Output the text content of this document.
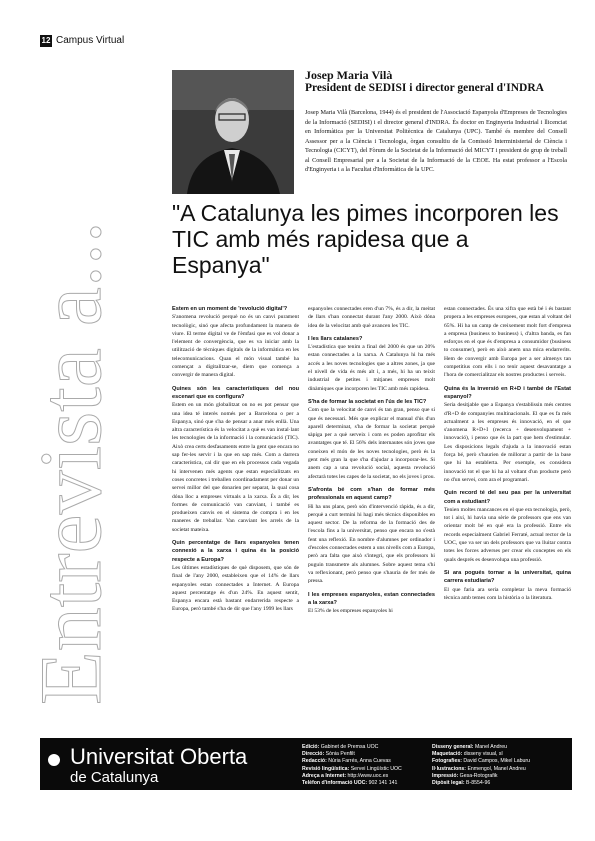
12 Campus Virtual
Entrevista a...
Josep Maria Vilà
President de SEDISI i director general d'INDRA
Josep Maria Vilà (Barcelona, 1944) és el president de l'Associació Espanyola d'Empreses de Tecnologies de la Informació (SEDISI) i el director general d'INDRA. És doctor en Enginyeria Industrial i llicenciat en Informàtica per la Universitat Politècnica de Catalunya (UPC). També és membre del Consell Assessor per a la Ciència i Tecnologia, òrgan consultiu de la Comissió Interministerial de Ciència i Tecnologia (CICYT), del Fòrum de la Societat de la Informació del MICYT i president de grup de treball al Consell Empresarial per a la Societat de la Informació de la CEOE. Ha estat professor a l'Escola d'Enginyeria i a la Facultat d'Informàtica de la UPC.
"A Catalunya les pimes incorporen les TIC amb més rapidesa que a Espanya"

Estem en un moment de 'revolució digital'?

S'anomena revolució perquè no és un canvi purament tecnològic, sinó que afecta profundament la manera de viure. El terme digital ve de l'èmfasi que es vol donar a l'element de convergència, que es va iniciar amb la utilització de tècniques digitals de la informàtica en les telecomunicacions. Quan el món visual també ha començat a digitalitzar-se, diem que comença a convergir de manera digital.

Quines són les característiques del nou escenari que es configura?

Estem en un món globalitzat on no es pot pensar que una idea té interès només per a Barcelona o per a Espanya, sinó que s'ha de pensar a anar més enllà. Una altra característica és la velocitat a què es van instal·lant les tecnologies de la informació i la comunicació (TIC). Això crea certs desfasaments entre la gent que encara no sap fer-les servir i la que en sap més. Com a darrera característica, cal dir que en els processos cada vegada hi intervenen més agents que estan especialitzats en coses concretes i treballen coordinadament per donar un servei millor del que donarien per separat, la qual cosa dóna lloc a empreses virtuals a la xarxa. És a dir, les formes de comunicació van canviant, i també es produeixen canvis en el sistema de compra i en les maneres de treballar. Van canviant les arrels de la societat mateixa.

Quin percentatge de llars espanyoles tenen connexió a la xarxa i quina és la posició respecte a Europa?

Les últimes estadístiques de què disposem, que són de final de l'any 2000, estableixen que el 14% de llars espanyoles estan connectades a Internet. A Europa aquest percentatge és d'un 24%. En aquest sentit, Espanya encara està bastant endarrerida respecte a Europa, però també s'ha de dir que l'any 1999 les llars

espanyoles connectades eren d'un 7%, és a dir, la meitat de llars s'han connectat durant l'any 2000. Això dóna idea de la velocitat amb què avancen les TIC.

I les llars catalanes?

L'estadística que tenim a final del 2000 és que un 20% estan connectades a la xarxa. A Catalunya hi ha més accés a les noves tecnologies que a altres zones, ja que el nivell de vida és més alt i, a més, hi ha un teixit industrial de petites i mitjanes empreses molt dinàmiques que incorporen les TIC amb més rapidesa.

S'ha de formar la societat en l'ús de les TIC?

Com que la velocitat de canvi és tan gran, penso que sí que és necessari. Més que explicar el manual d'ús d'un aparell determinat, s'ha de formar la societat perquè sàpiga per a què serveix i com es poden aprofitar els avantatges que té. El 56% dels internautes són joves que coneixen el món de les noves tecnologies, però és la gent més gran la que s'ha d'ajudar a incorporar-les. Si anem cap a una revolució social, aquesta revolució afectarà totes les capes de la societat, no els joves i prou.

S'afronta bé com s'han de formar més professionals en aquest camp?

Hi ha uns plans, però són d'intervenció ràpida, és a dir, perquè a curt termini hi hagi més tècnics disponibles en aquest sector. De la reforma de la formació des de l'escola fins a la universitat, penso que encara no s'està fent una reflexió. En nombre d'alumnes per ordinador i d'escoles connectades estem a uns nivells com a Europa, però ara falta que això s'integri, que els professors hi puguin transmetre als alumnes. Sobre aquest tema s'hi va reflexionant, però penso que s'hauria de fer més de pressa.

I les empreses espanyoles, estan connectades a la xarxa?

El 53% de les empreses espanyoles hi

estan connectades. És una xifra que està bé i és bastant propera a les empreses europees, que estan al voltant del 65%. Hi ha un camp de creixement molt fort d'empresa a empresa (business to business) i, d'altra banda, es fan esforços en el que és d'empresa a consumidor (business to consumer), però en això anem una mica endarrerits. Hem de convergir amb Europa per a ser almenys tan competitius com ells i no tenir aquest desavantatge a l'hora de comercialitzar els nostres productes i serveis.

Quina és la inversió en R+D i també de l'Estat espanyol?

Seria desitjable que a Espanya s'establissin més centres d'R+D de companyies multinacionals. El que es fa més actualment a les empreses és innovació, en el que s'anomena R+D+I (recerca + desenvolupament + innovació), i penso que és la part que hem d'estimular. Les disposicions legals d'ajuda a la innovació estan força bé, però s'haurien de millorar a partir de la base que hi ha establerta. Per exemple, es considera innovació tot el que hi ha al voltant d'un producte però no d'un servei, com ara el programari.

Quin record té del seu pas per la universitat com a estudiant?

Tenien moltes mancances en el que era tecnologia, però, tot i així, hi havia una sèrie de professors que ens van orientar molt bé en què era la professió. Entre els records especialment Gabriel Ferraté, actual rector de la UOC, que va ser un dels professors que va lluitar contra totes les forces adverses per crear els conceptes en els quals després es desenvolupa una professió.

Si ara pogués tornar a la universitat, quina carrera estudiaria?

El que faria ara seria completar la meva formació tècnica amb temes com la història o la literatura.

Universitat Oberta
de Catalunya
Edició: Gabinet de Premsa UOC
Direcció: Sònia Penfilt
Redacció: Núria Farrés, Anna Cuevas
Revisió lingüística: Servei Lingüístic UOC
Adreça a Internet: http://www.uoc.es
Telèfon d'informació UOC: 902 141 141
Disseny general: Manel Andreu
Maquetació: disseny visual, sl
Fotografies: David Campos, Mikel Laburu
Il·lustracions: Enmengol, Manel Andreu
Impressió: Gesa-Rotografik
Dipòsit legal: B-8554-96
